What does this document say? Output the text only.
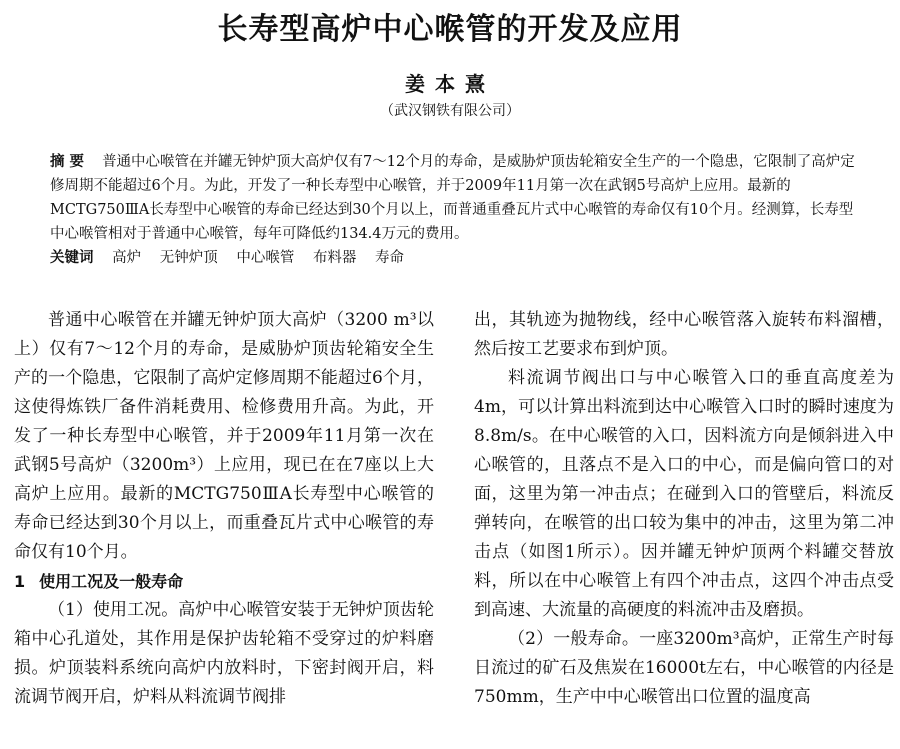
长寿型高炉中心喉管的开发及应用
姜本熹
（武汉钢铁有限公司）
摘 要 普通中心喉管在并罐无钟炉顶大高炉仅有7～12个月的寿命，是威胁炉顶齿轮箱安全生产的一个隐患，它限制了高炉定修周期不能超过6个月。为此，开发了一种长寿型中心喉管，并于2009年11月第一次在武钢5号高炉上应用。最新的MCTG750ⅢA长寿型中心喉管的寿命已经达到30个月以上，而普通重叠瓦片式中心喉管的寿命仅有10个月。经测算，长寿型中心喉管相对于普通中心喉管，每年可降低约134.4万元的费用。
关键词 高炉 无钟炉顶 中心喉管 布料器 寿命

普通中心喉管在并罐无钟炉顶大高炉（3200 m³以上）仅有7～12个月的寿命，是威胁炉顶齿轮箱安全生产的一个隐患，它限制了高炉定修周期不能超过6个月，这使得炼铁厂备件消耗费用、检修费用升高。为此，开发了一种长寿型中心喉管，并于2009年11月第一次在武钢5号高炉（3200m³）上应用，现已在在7座以上大高炉上应用。最新的MCTG750ⅢA长寿型中心喉管的寿命已经达到30个月以上，而重叠瓦片式中心喉管的寿命仅有10个月。

1 使用工况及一般寿命

（1）使用工况。高炉中心喉管安装于无钟炉顶齿轮箱中心孔道处，其作用是保护齿轮箱不受穿过的炉料磨损。炉顶装料系统向高炉内放料时，下密封阀开启，料流调节阀开启，炉料从料流调节阀排

出，其轨迹为抛物线，经中心喉管落入旋转布料溜槽，然后按工艺要求布到炉顶。

料流调节阀出口与中心喉管入口的垂直高度差为4m，可以计算出料流到达中心喉管入口时的瞬时速度为8.8m/s。在中心喉管的入口，因料流方向是倾斜进入中心喉管的，且落点不是入口的中心，而是偏向管口的对面，这里为第一冲击点；在碰到入口的管壁后，料流反弹转向，在喉管的出口较为集中的冲击，这里为第二冲击点（如图1所示）。因并罐无钟炉顶两个料罐交替放料，所以在中心喉管上有四个冲击点，这四个冲击点受到高速、大流量的高硬度的料流冲击及磨损。

（2）一般寿命。一座3200m³高炉，正常生产时每日流过的矿石及焦炭在16000t左右，中心喉管的内径是750mm，生产中中心喉管出口位置的温度高
